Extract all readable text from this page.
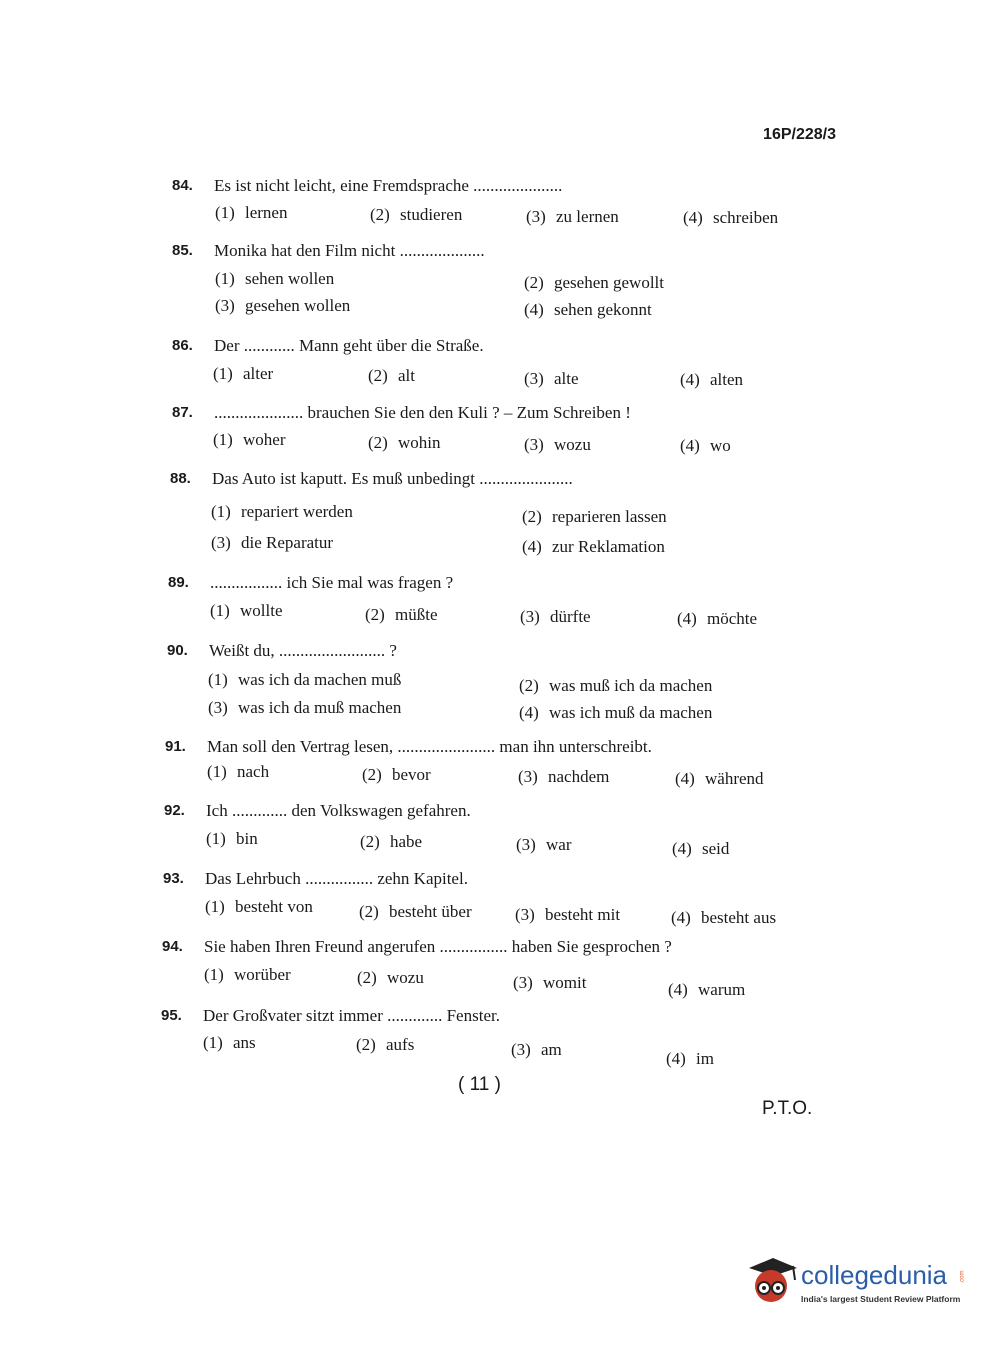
16P/228/3
84.	Es ist nicht leicht, eine Fremdsprache .....................
(1) lernen	(2) studieren	(3) zu lernen	(4) schreiben
85.	Monika hat den Film nicht ....................
(1) sehen wollen	(2) gesehen gewollt
(3) gesehen wollen	(4) sehen gekonnt
86.	Der ............ Mann geht über die Straße.
(1) alter	(2) alt	(3) alte	(4) alten
87.	..................... brauchen Sie den den Kuli ? – Zum Schreiben !
(1) woher	(2) wohin	(3) wozu	(4) wo
88.	Das Auto ist kaputt. Es muß unbedingt ......................
(1) repariert werden	(2) reparieren lassen
(3) die Reparatur	(4) zur Reklamation
89.	................. ich Sie mal was fragen ?
(1) wollte	(2) müßte	(3) dürfte	(4) möchte
90.	Weißt du, ......................... ?
(1) was ich da machen muß	(2) was muß ich da machen
(3) was ich da muß machen	(4) was ich muß da machen
91.	Man soll den Vertrag lesen, ....................... man ihn unterschreibt.
(1) nach	(2) bevor	(3) nachdem	(4) während
92.	Ich ............. den Volkswagen gefahren.
(1) bin	(2) habe	(3) war	(4) seid
93.	Das Lehrbuch ................ zehn Kapitel.
(1) besteht von	(2) besteht über	(3) besteht mit	(4) besteht aus
94.	Sie haben Ihren Freund angerufen ................ haben Sie gesprochen ?
(1) worüber	(2) wozu	(3) womit	(4) warum
95.	Der Großvater sitzt immer ............. Fenster.
(1) ans	(2) aufs	(3) am	(4) im
( 11 )
P.T.O.
collegedunia .com
India's largest Student Review Platform
